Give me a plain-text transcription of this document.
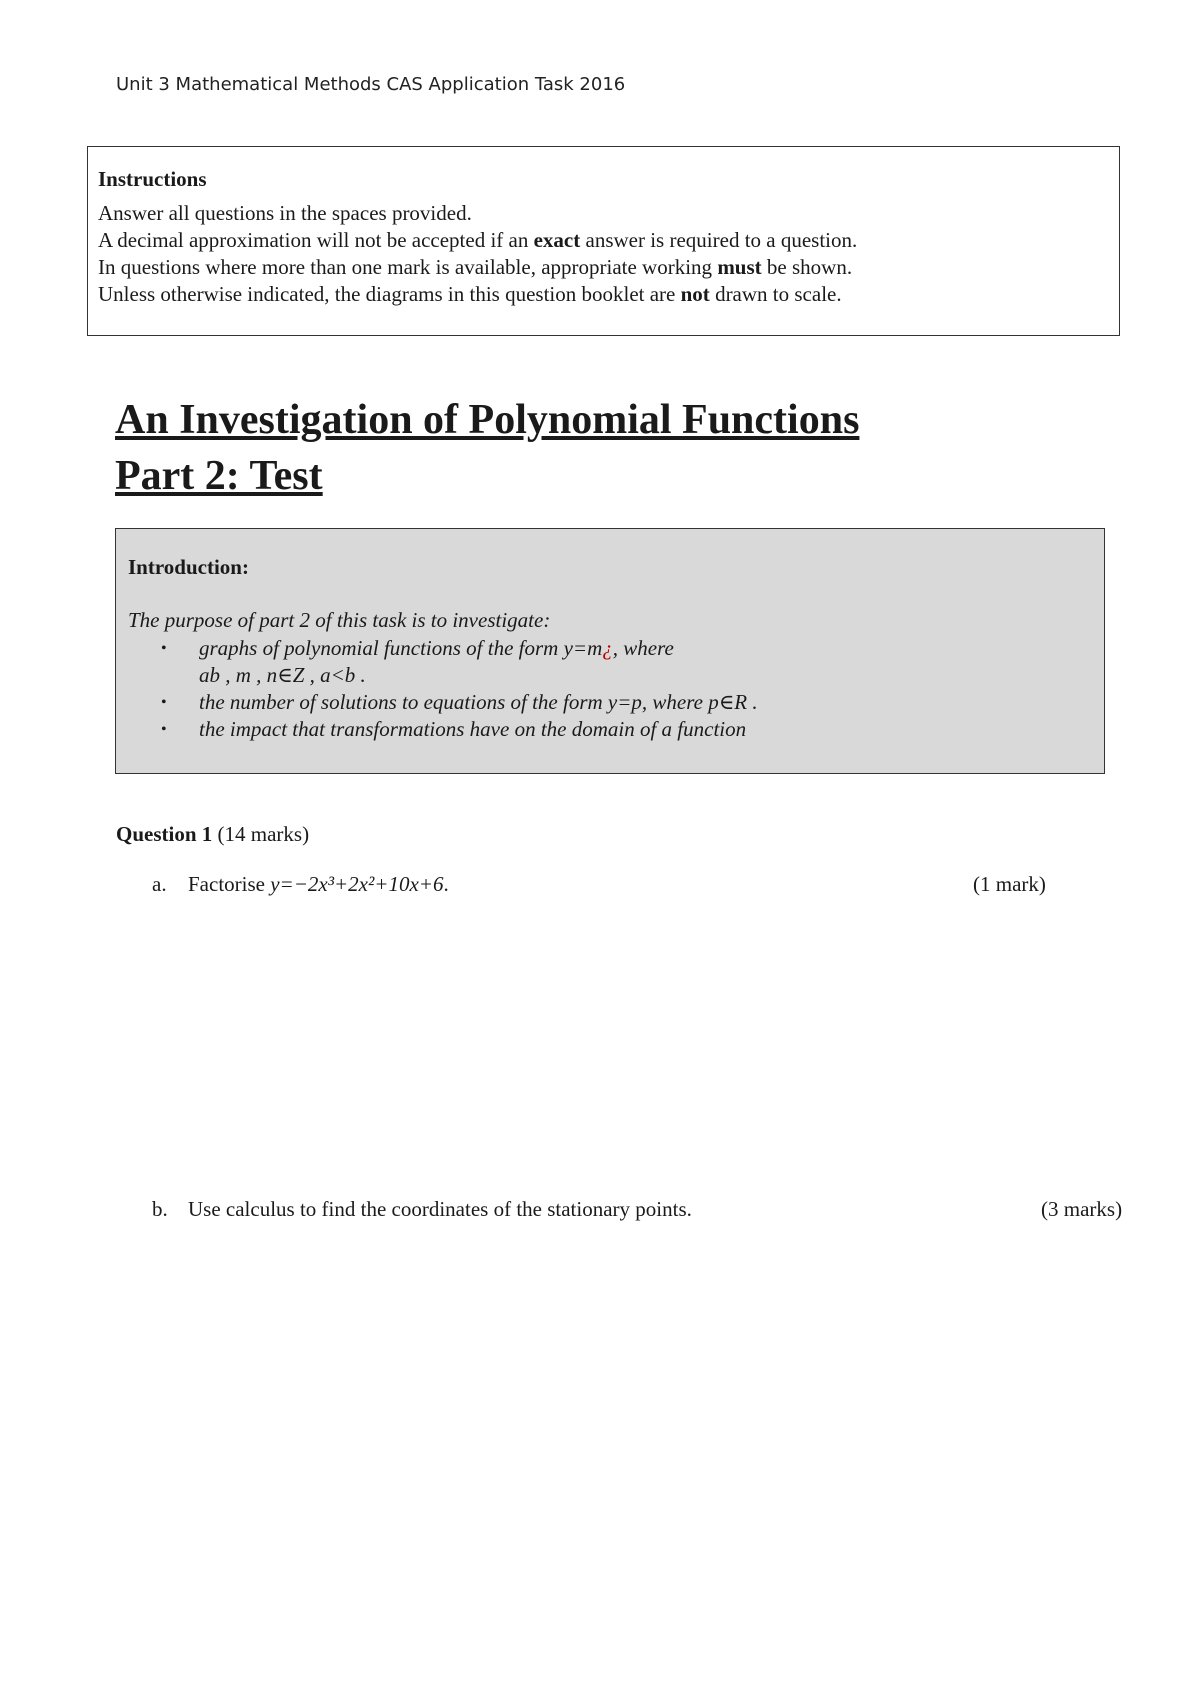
Unit 3 Mathematical Methods CAS Application Task 2016
Instructions
Answer all questions in the spaces provided.
A decimal approximation will not be accepted if an exact answer is required to a question.
In questions where more than one mark is available, appropriate working must be shown.
Unless otherwise indicated, the diagrams in this question booklet are not drawn to scale.
An Investigation of Polynomial Functions
Part 2: Test
Introduction:
The purpose of part 2 of this task is to investigate:
• graphs of polynomial functions of the form y=m¿, where
ab , m , n∈Z , a<b .
• the number of solutions to equations of the form y=p, where p∈R .
• the impact that transformations have on the domain of a function
Question 1 (14 marks)
a. Factorise y=−2x³+2x²+10x+6.	(1 mark)
b. Use calculus to find the coordinates of the stationary points.	(3 marks)
